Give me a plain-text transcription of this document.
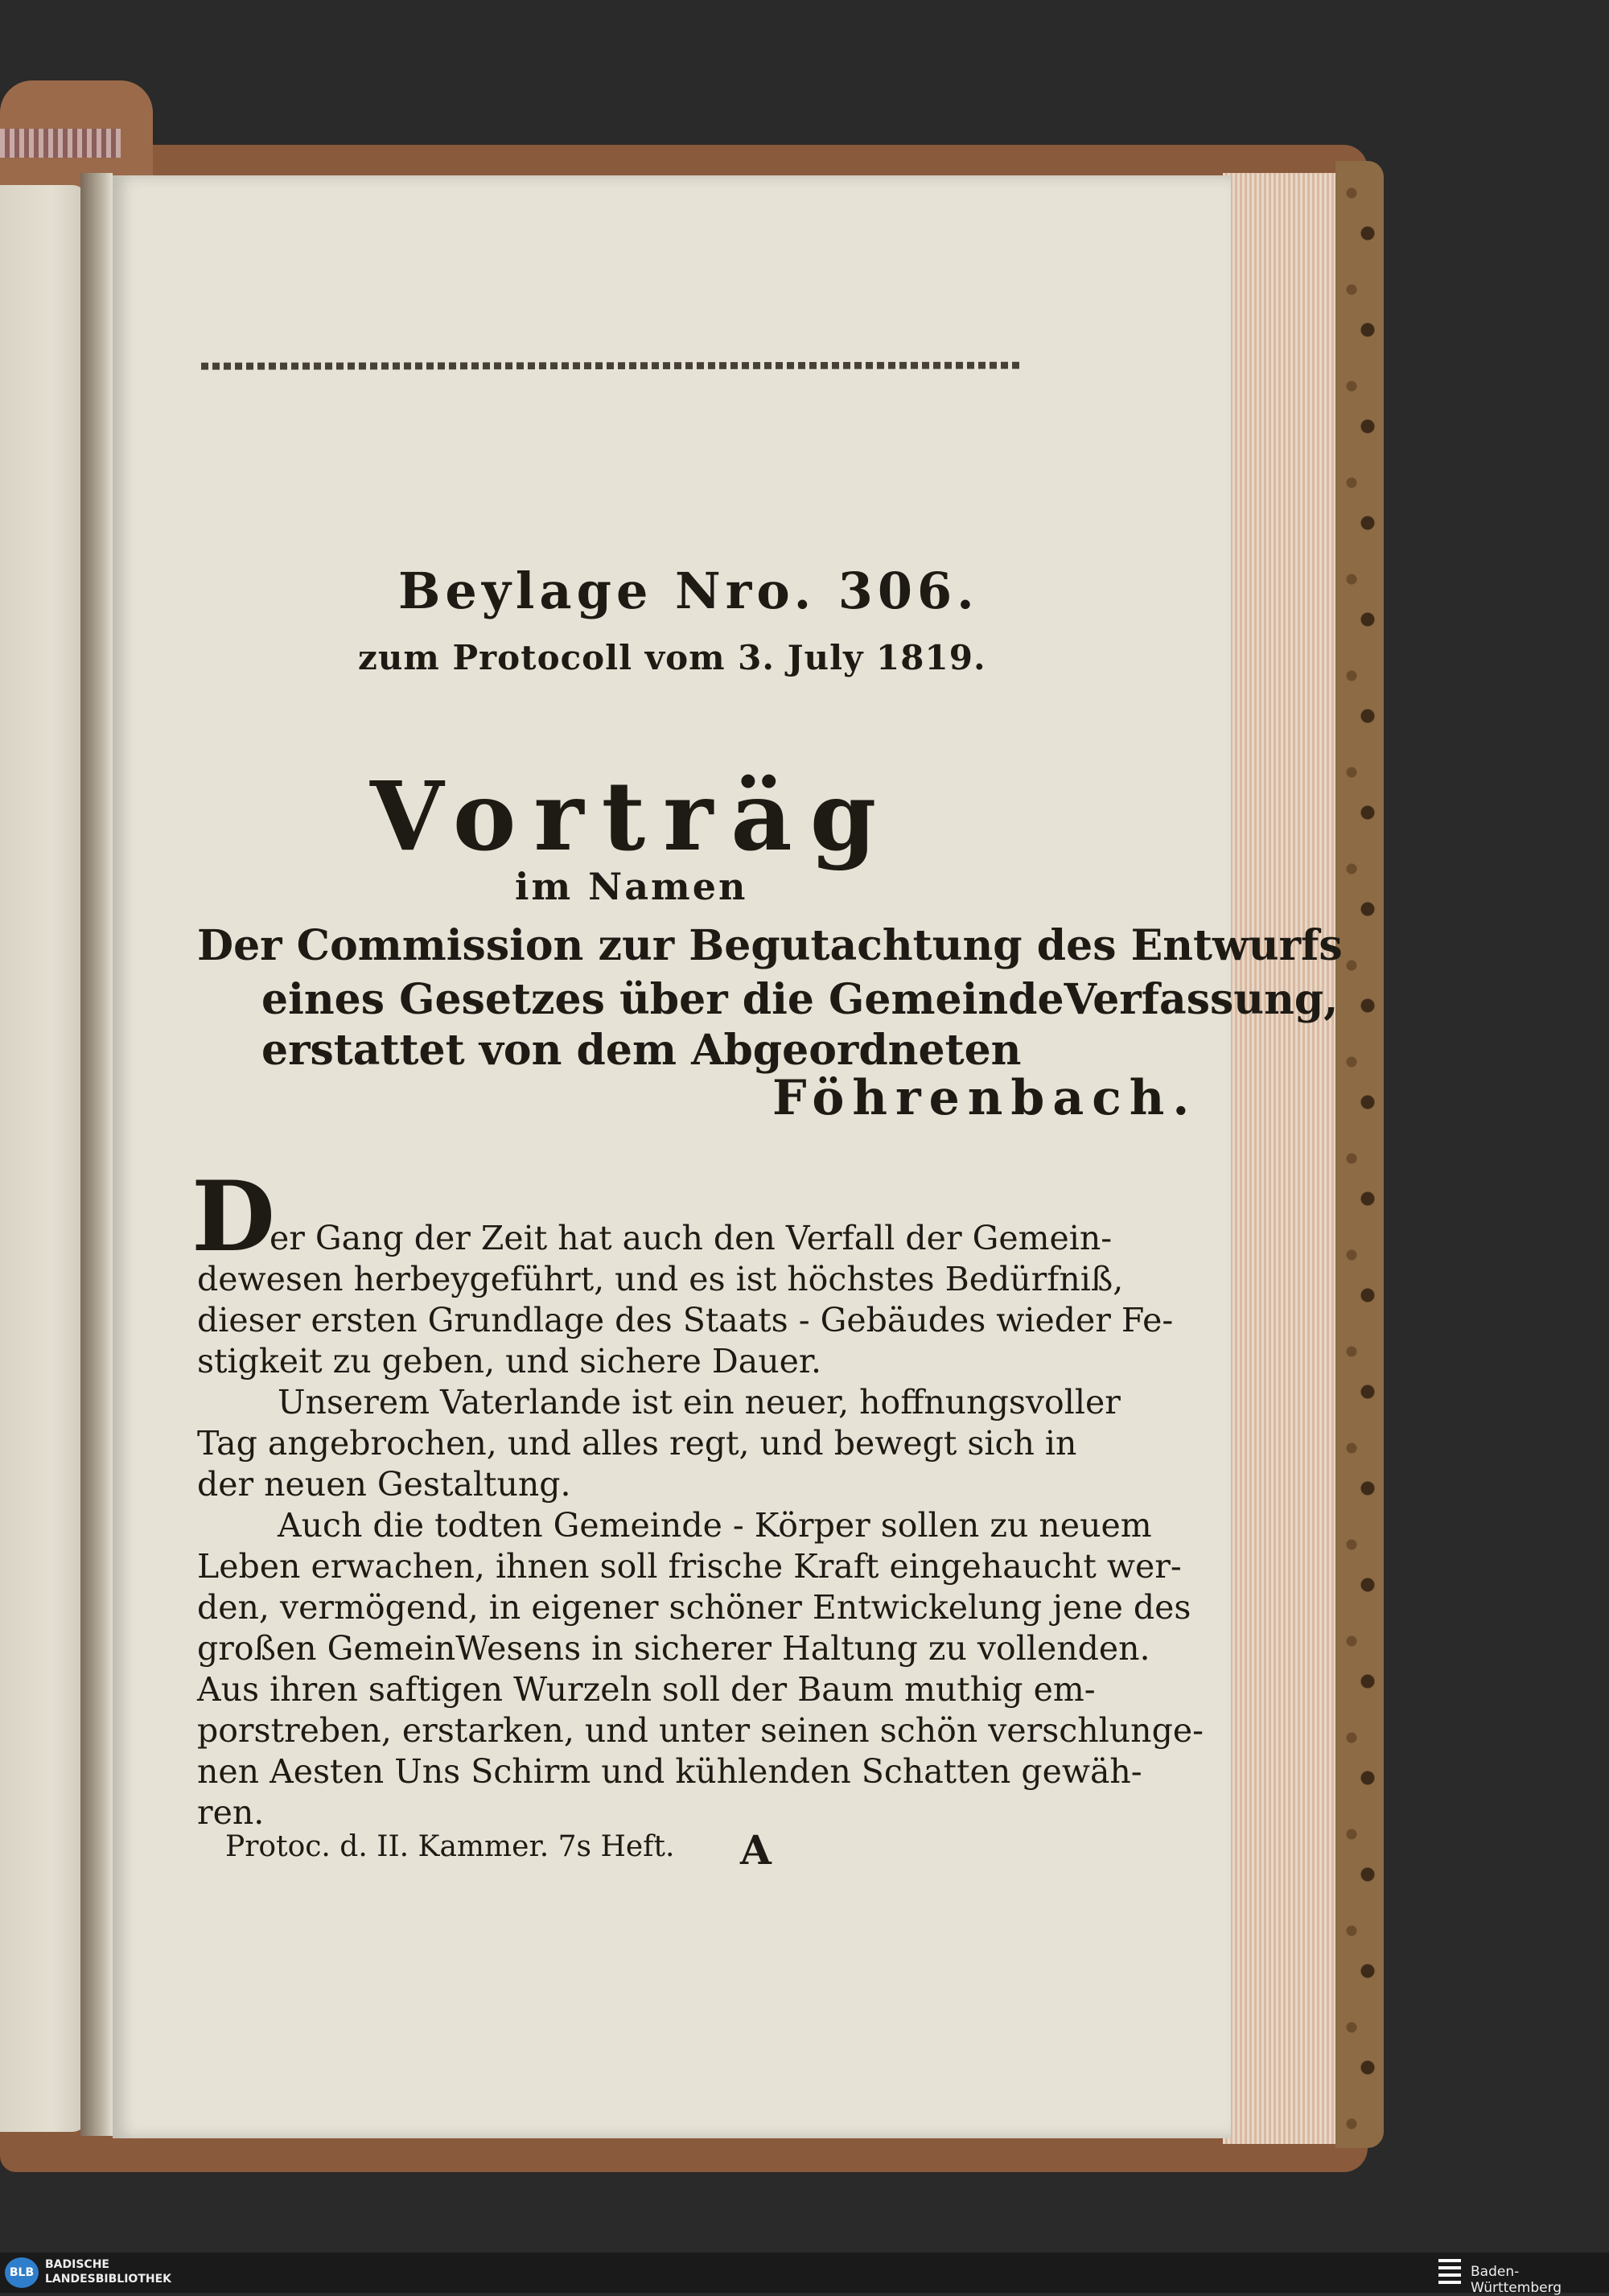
Beylage Nro. 306.
zum Protocoll vom 3. July 1819.
Vorträg
im Namen
Der Commission zur Begutachtung des Entwurfs
eines Gesetzes über die GemeindeVerfassung,
erstattet von dem Abgeordneten
Föhrenbach.
D
er Gang der Zeit hat auch den Verfall der Gemein-
dewesen herbeygeführt, und es ist höchstes Bedürfniß,
dieser ersten Grundlage des Staats - Gebäudes wieder Fe-
stigkeit zu geben, und sichere Dauer.
Unserem Vaterlande ist ein neuer, hoffnungsvoller
Tag angebrochen, und alles regt, und bewegt sich in
der neuen Gestaltung.
Auch die todten Gemeinde - Körper sollen zu neuem
Leben erwachen, ihnen soll frische Kraft eingehaucht wer-
den, vermögend, in eigener schöner Entwickelung jene des
großen GemeinWesens in sicherer Haltung zu vollenden.
Aus ihren saftigen Wurzeln soll der Baum muthig em-
porstreben, erstarken, und unter seinen schön verschlunge-
nen Aesten Uns Schirm und kühlenden Schatten gewäh-
ren.
Protoc. d. II. Kammer. 7s Heft. A
BLB
BADISCHE
LANDESBIBLIOTHEK	Baden-Württemberg
